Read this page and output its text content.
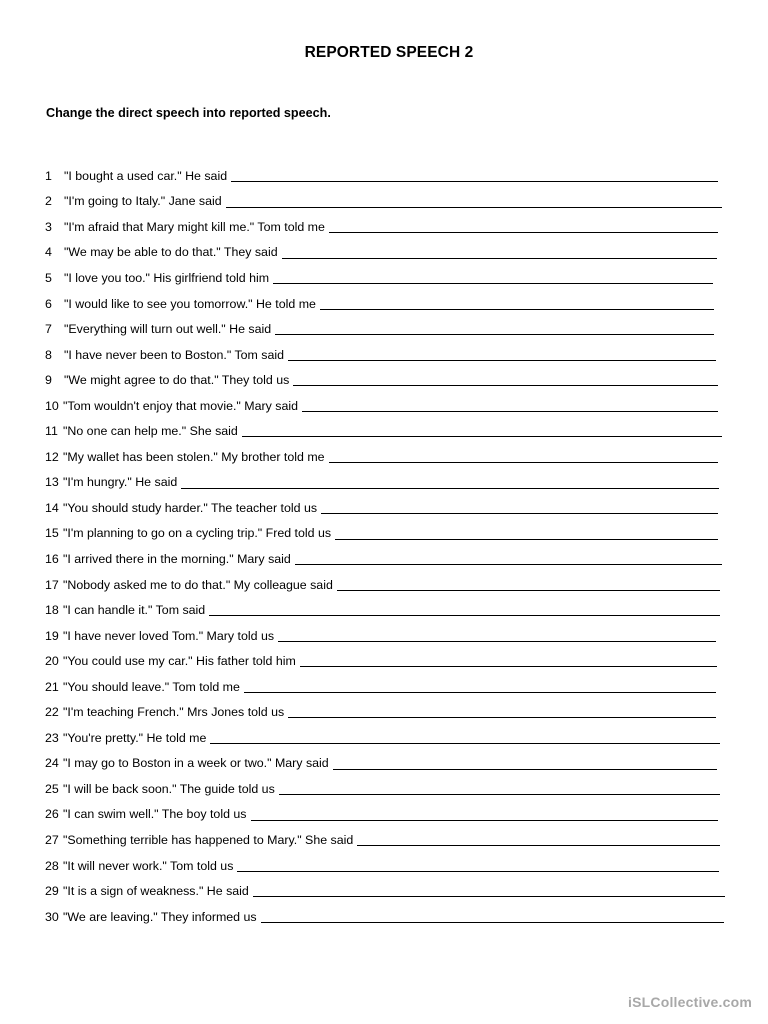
REPORTED SPEECH 2
Change the direct speech into reported speech.
1 "I bought a used car." He said
2 "I'm going to Italy." Jane said
3 "I'm afraid that Mary might kill me." Tom told me
4 "We may be able to do that." They said
5 "I love you too." His girlfriend told him
6 "I would like to see you tomorrow." He told me
7 "Everything will turn out well." He said
8 "I have never been to Boston." Tom said
9 "We might agree to do that." They told us
10 "Tom wouldn't enjoy that movie." Mary said
11 "No one can help me." She said
12 "My wallet has been stolen." My brother told me
13 "I'm hungry." He said
14 "You should study harder." The teacher told us
15 "I'm planning to go on a cycling trip." Fred told us
16 "I arrived there in the morning." Mary said
17 "Nobody asked me to do that." My colleague said
18 "I can handle it." Tom said
19 "I have never loved Tom." Mary told us
20 "You could use my car." His father told him
21 "You should leave." Tom told me
22 "I'm teaching French." Mrs Jones told us
23 "You're pretty." He told me
24 "I may go to Boston in a week or two." Mary said
25 "I will be back soon." The guide told us
26 "I can swim well." The boy told us
27 "Something terrible has happened to Mary." She said
28 "It will never work." Tom told us
29 "It is a sign of weakness." He said
30 "We are leaving." They informed us
iSLCollective.com
